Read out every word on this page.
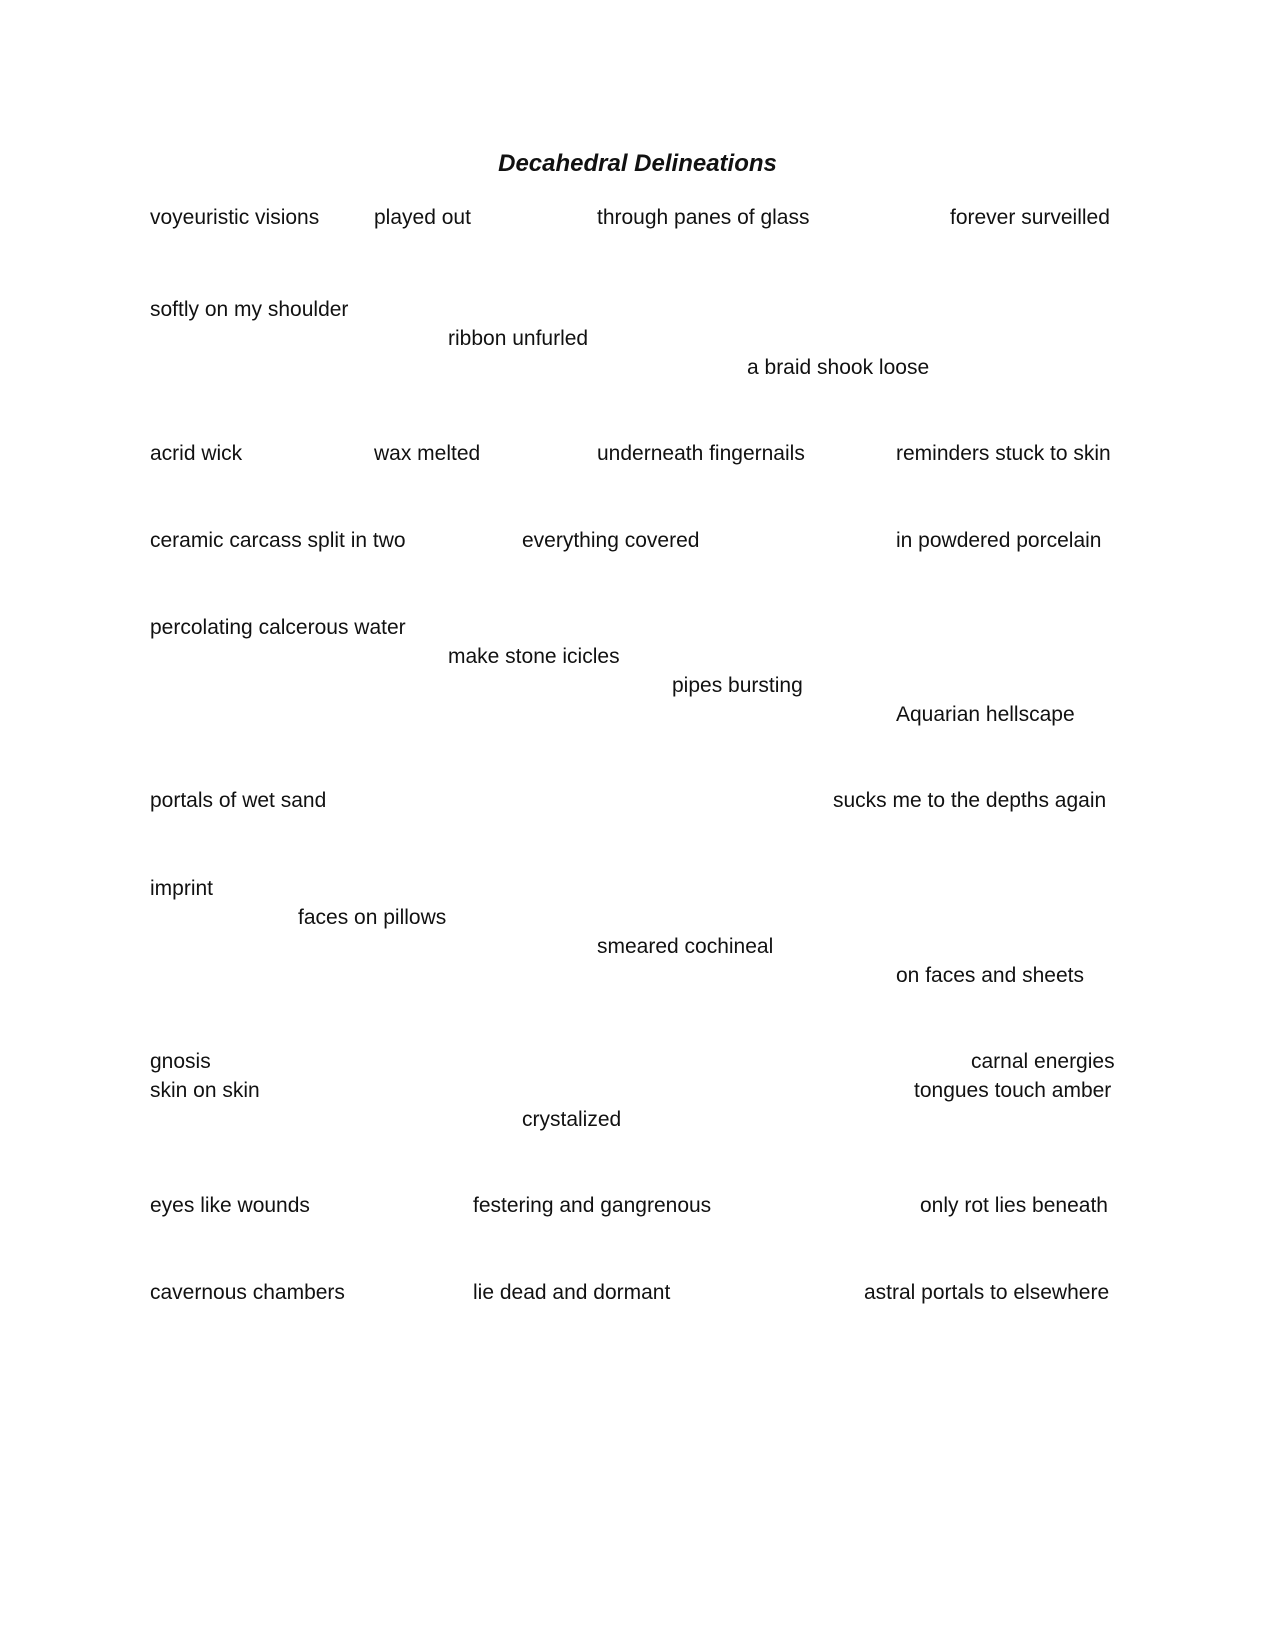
Decahedral Delineations

voyeuristic visions	played out	through panes of glass	forever surveilled

softly on my shoulder

ribbon unfurled

a braid shook loose

acrid wick	wax melted	underneath fingernails	reminders stuck to skin

ceramic carcass split in two	everything covered	in powdered porcelain

percolating calcerous water

make stone icicles

pipes bursting

Aquarian hellscape

portals of wet sand	sucks me to the depths again

imprint

faces on pillows

smeared cochineal

on faces and sheets

gnosis	carnal energies

skin on skin	tongues touch amber

crystalized

eyes like wounds	festering and gangrenous	only rot lies beneath

cavernous chambers	lie dead and dormant	astral portals to elsewhere
